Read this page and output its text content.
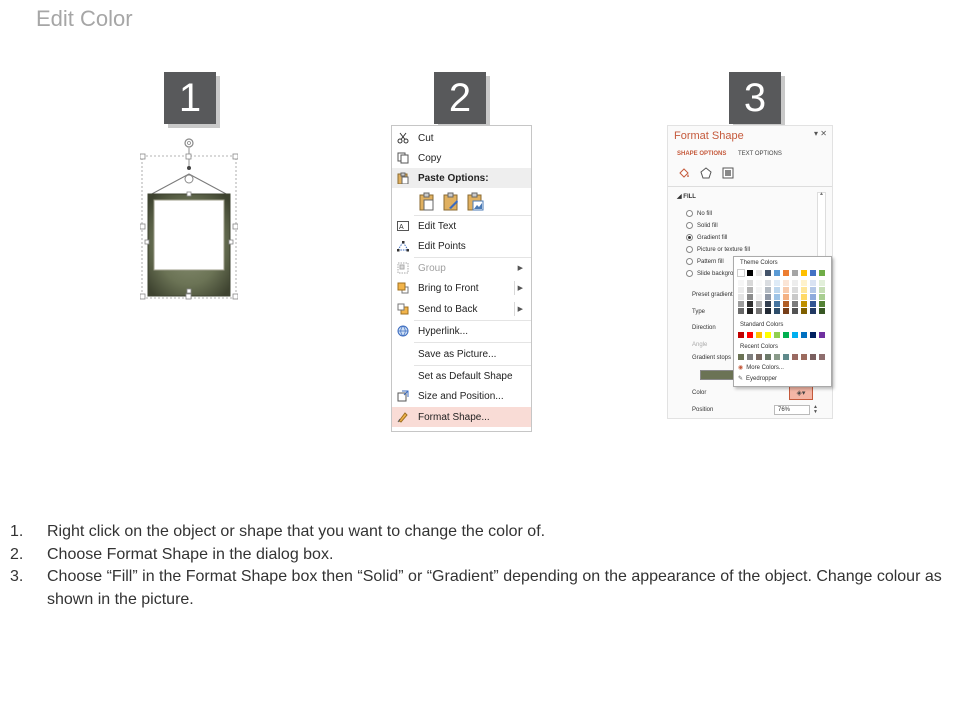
Edit Color
1	2	3
Cut
Copy
Paste Options:
A Edit Text
Edit Points
Group	▶
Bring to Front	▶
Send to Back	▶
Hyperlink...
Save as Picture...
Set as Default Shape
Size and Position...
Format Shape...
Format Shape	▾ ✕
SHAPE OPTIONS TEXT OPTIONS
◢ FILL
No fill
Solid fill
Gradient fill
Picture or texture fill
Pattern fill
Slide backgro
Preset gradient
Type
Direction
Angle
Gradient stops
Color	◈▾
Position	76%	▲
▼
▲
Theme Colors
Standard Colors
Recent Colors
◉ More Colors...
✎ Eyedropper
1.	Right click on the object or shape that you want to change the color of.
2.	Choose Format Shape in the dialog box.
3.	Choose “Fill” in the Format Shape box then “Solid” or “Gradient” depending on the appearance of the object. Change colour as shown in the picture.
